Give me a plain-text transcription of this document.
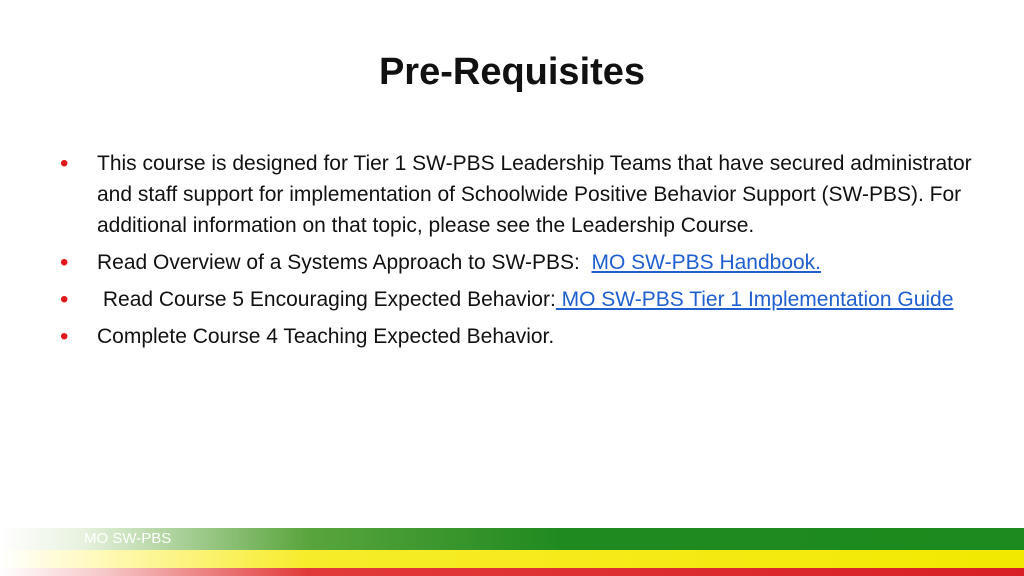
Pre-Requisites
• This course is designed for Tier 1 SW-PBS Leadership Teams that have secured administrator and staff support for implementation of Schoolwide Positive Behavior Support (SW-PBS). For additional information on that topic, please see the Leadership Course.
• Read Overview of a Systems Approach to SW-PBS:  MO SW-PBS Handbook.
• Read Course 5 Encouraging Expected Behavior: MO SW-PBS Tier 1 Implementation Guide
• Complete Course 4 Teaching Expected Behavior.
MO SW-PBS
